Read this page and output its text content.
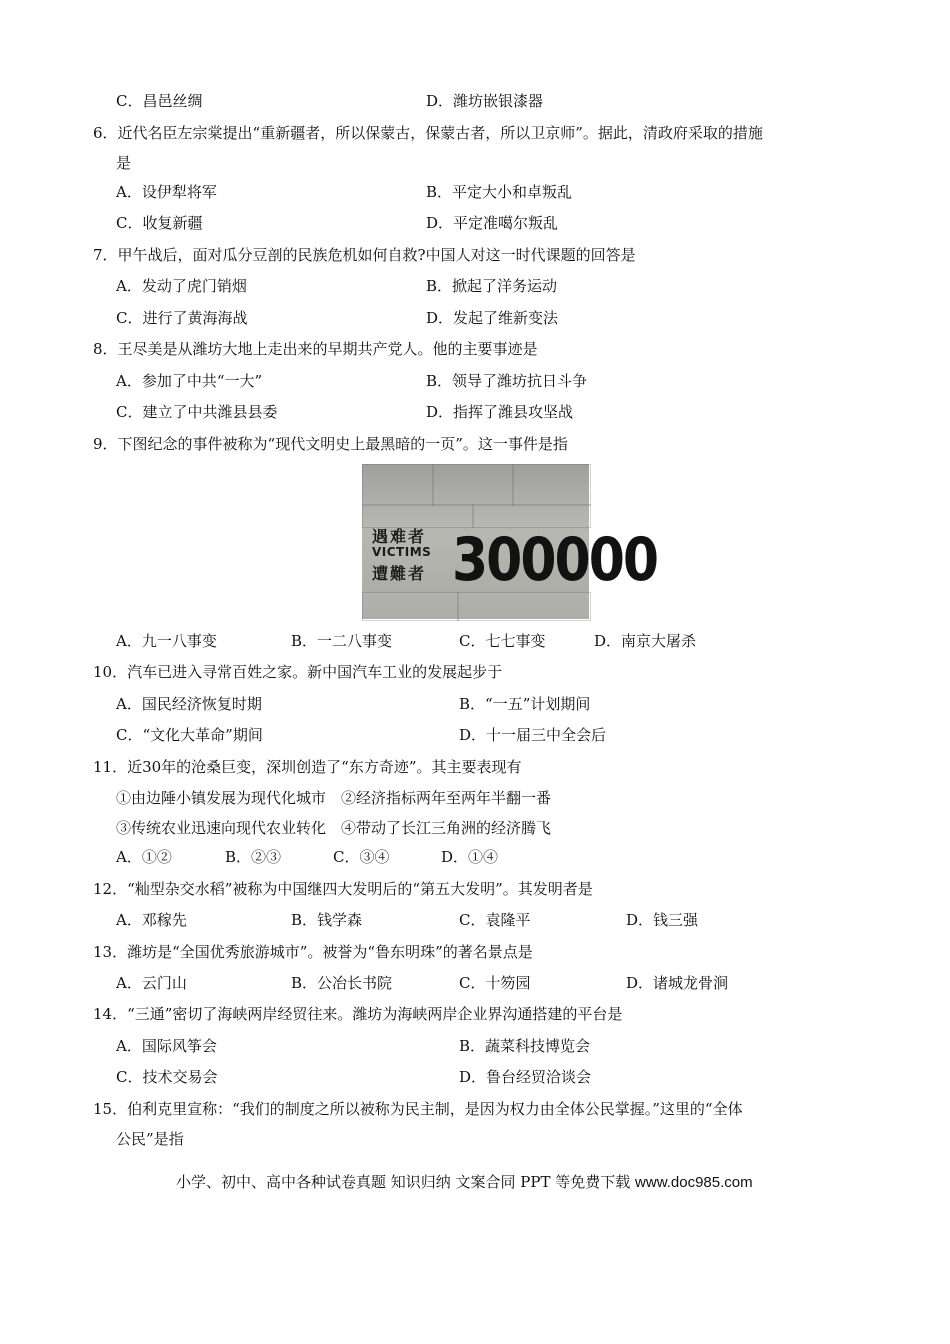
C．昌邑丝绸	D．潍坊嵌银漆器
6．近代名臣左宗棠提出“重新疆者，所以保蒙古，保蒙古者，所以卫京师”。据此，清政府采取的措施
是
A．设伊犁将军	B．平定大小和卓叛乱
C．收复新疆	D．平定准噶尔叛乱
7．甲午战后，面对瓜分豆剖的民族危机如何自救?中国人对这一时代课题的回答是
A．发动了虎门销烟	B．掀起了洋务运动
C．进行了黄海海战	D．发起了维新变法
8．王尽美是从潍坊大地上走出来的早期共产党人。他的主要事迹是
A．参加了中共“一大”	B．领导了潍坊抗日斗争
C．建立了中共潍县县委	D．指挥了潍县攻坚战
9．下图纪念的事件被称为“现代文明史上最黑暗的一页”。这一事件是指
遇难者
VICTIMS
遭難者 300000
A．九一八事变	B．一二八事变	C．七七事变	D．南京大屠杀
10．汽车已进入寻常百姓之家。新中国汽车工业的发展起步于
A．国民经济恢复时期	B．“一五”计划期间
C．“文化大革命”期间	D．十一届三中全会后
11．近30年的沧桑巨变，深圳创造了“东方奇迹”。其主要表现有
①由边陲小镇发展为现代化城市　②经济指标两年至两年半翻一番
③传统农业迅速向现代农业转化　④带动了长江三角洲的经济腾飞
A．①②	B．②③	C．③④	D．①④
12．“籼型杂交水稻”被称为中国继四大发明后的“第五大发明”。其发明者是
A．邓稼先	B．钱学森	C．袁隆平	D．钱三强
13．潍坊是“全国优秀旅游城市”。被誉为“鲁东明珠”的著名景点是
A．云门山	B．公冶长书院	C．十笏园	D．诸城龙骨涧
14．“三通”密切了海峡两岸经贸往来。潍坊为海峡两岸企业界沟通搭建的平台是
A．国际风筝会	B．蔬菜科技博览会
C．技术交易会	D．鲁台经贸洽谈会
15．伯利克里宣称：“我们的制度之所以被称为民主制，是因为权力由全体公民掌握。”这里的“全体
公民”是指
小学、初中、高中各种试卷真题 知识归纳 文案合同 PPT 等免费下载 www.doc985.com
